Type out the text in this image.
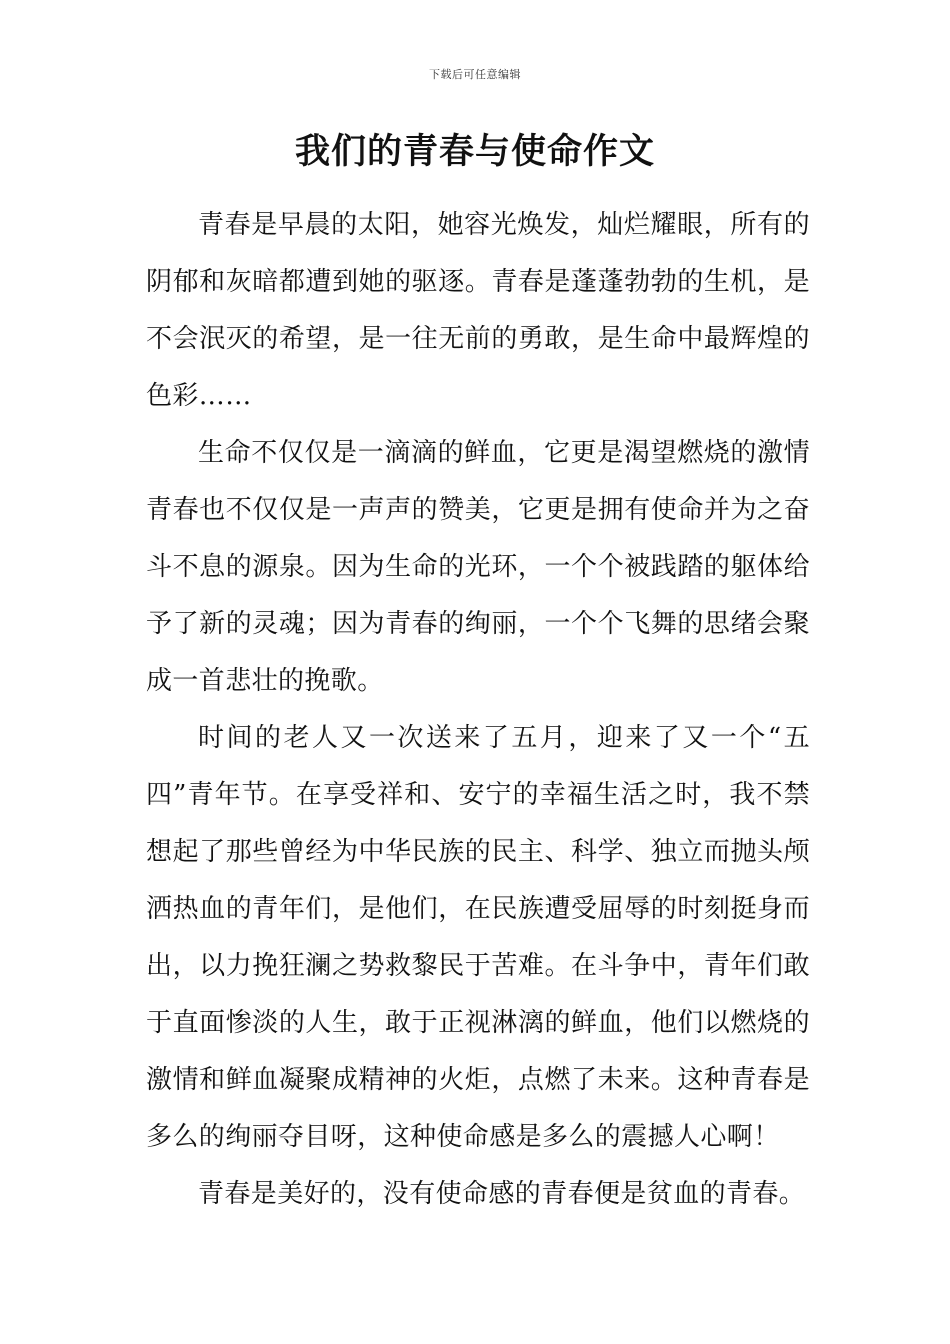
下载后可任意编辑
我们的青春与使命作文

青春是早晨的太阳，她容光焕发，灿烂耀眼，所有的阴郁和灰暗都遭到她的驱逐。青春是蓬蓬勃勃的生机，是不会泯灭的希望，是一往无前的勇敢，是生命中最辉煌的色彩……

生命不仅仅是一滴滴的鲜血，它更是渴望燃烧的激情青春也不仅仅是一声声的赞美，它更是拥有使命并为之奋斗不息的源泉。因为生命的光环，一个个被践踏的躯体给予了新的灵魂；因为青春的绚丽，一个个飞舞的思绪会聚成一首悲壮的挽歌。

时间的老人又一次送来了五月，迎来了又一个“五四”青年节。在享受祥和、安宁的幸福生活之时，我不禁想起了那些曾经为中华民族的民主、科学、独立而抛头颅洒热血的青年们，是他们，在民族遭受屈辱的时刻挺身而出，以力挽狂澜之势救黎民于苦难。在斗争中，青年们敢于直面惨淡的人生，敢于正视淋漓的鲜血，他们以燃烧的激情和鲜血凝聚成精神的火炬，点燃了未来。这种青春是多么的绚丽夺目呀，这种使命感是多么的震撼人心啊！

青春是美好的，没有使命感的青春便是贫血的青春。
